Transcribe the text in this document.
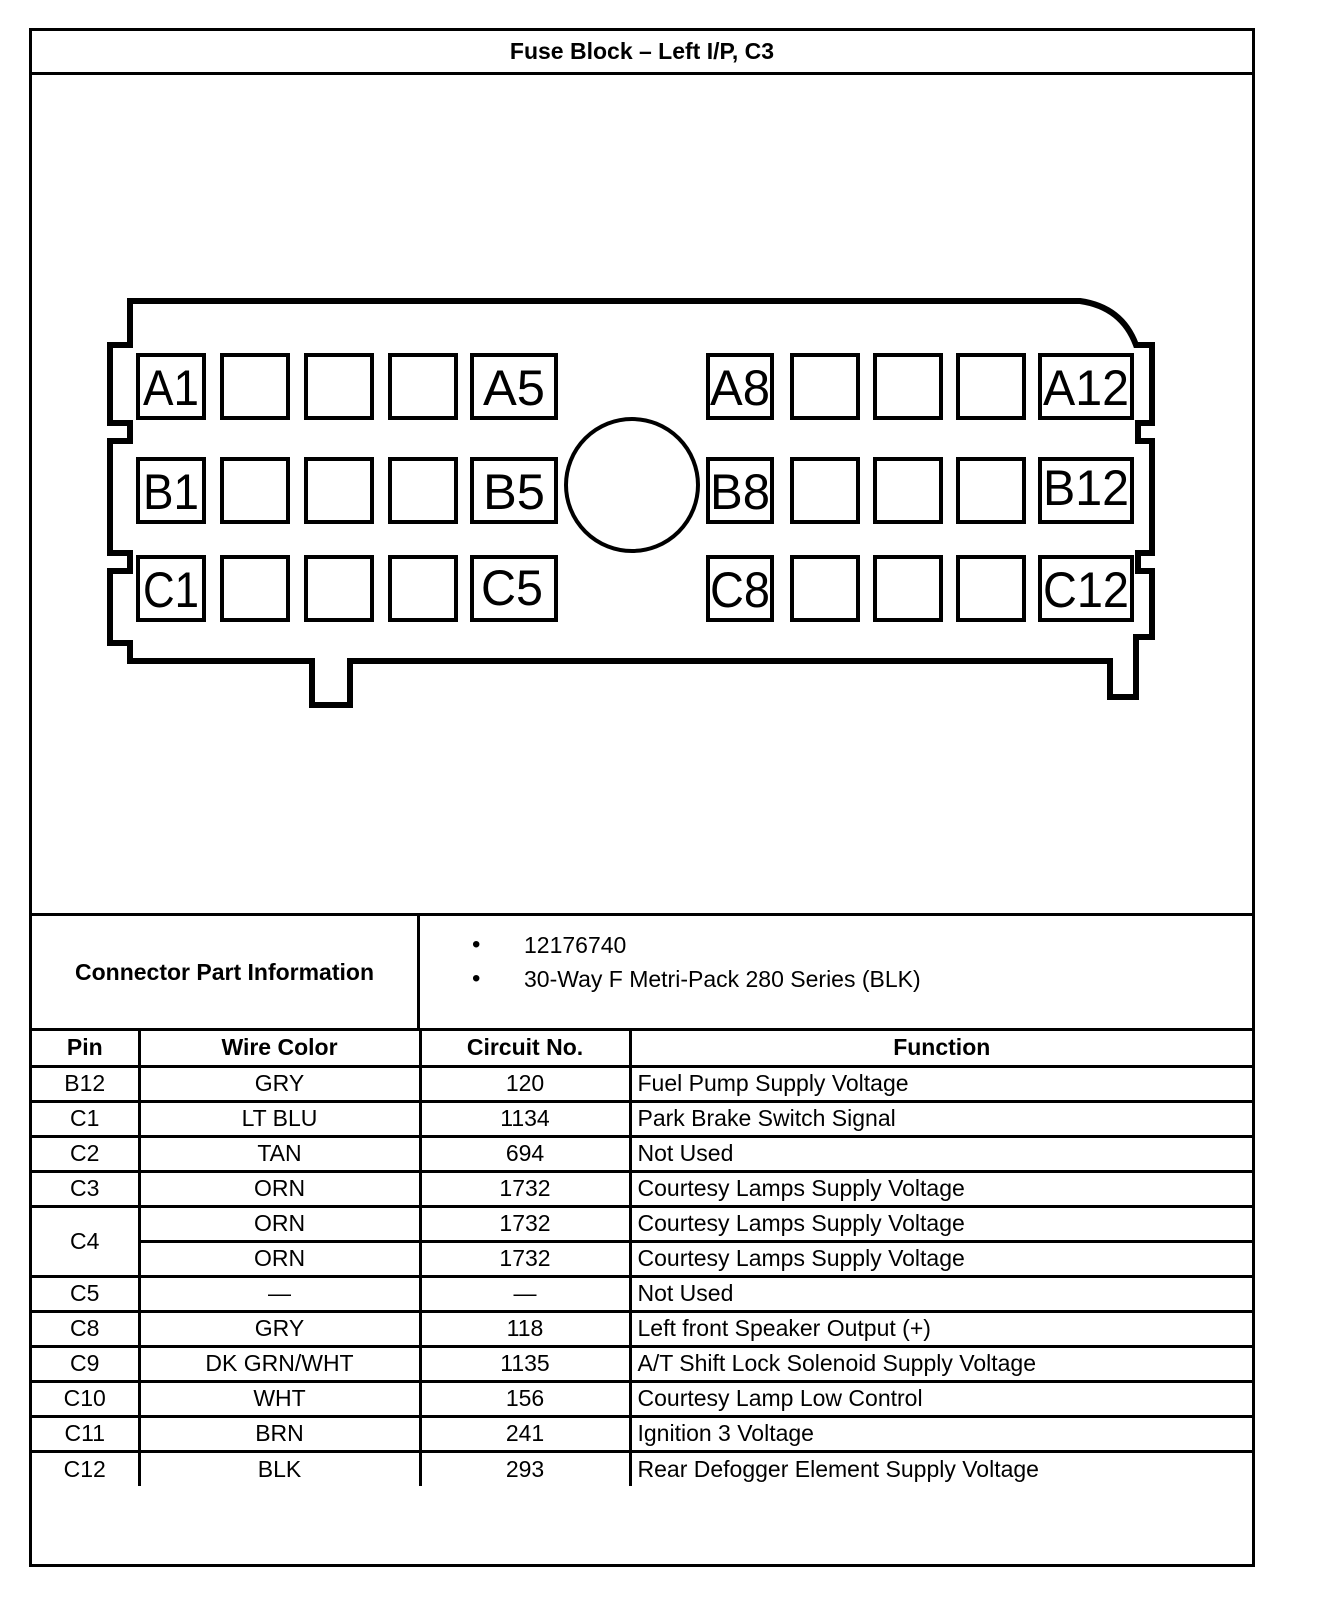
Fuse Block – Left I/P, C3
A1	A5	A8	A12
B1	B5	B8	B12
C1	C5	C8	C12
Connector Part Information
• 12176740
• 30-Way F Metri-Pack 280 Series (BLK)
Pin	Wire Color	Circuit No.	Function
B12	GRY	120	Fuel Pump Supply Voltage
C1	LT BLU	1134	Park Brake Switch Signal
C2	TAN	694	Not Used
C3	ORN	1732	Courtesy Lamps Supply Voltage
C4	ORN	1732	Courtesy Lamps Supply Voltage
	ORN	1732	Courtesy Lamps Supply Voltage
C5	—	—	Not Used
C8	GRY	118	Left front Speaker Output (+)
C9	DK GRN/WHT	1135	A/T Shift Lock Solenoid Supply Voltage
C10	WHT	156	Courtesy Lamp Low Control
C11	BRN	241	Ignition 3 Voltage
C12	BLK	293	Rear Defogger Element Supply Voltage
